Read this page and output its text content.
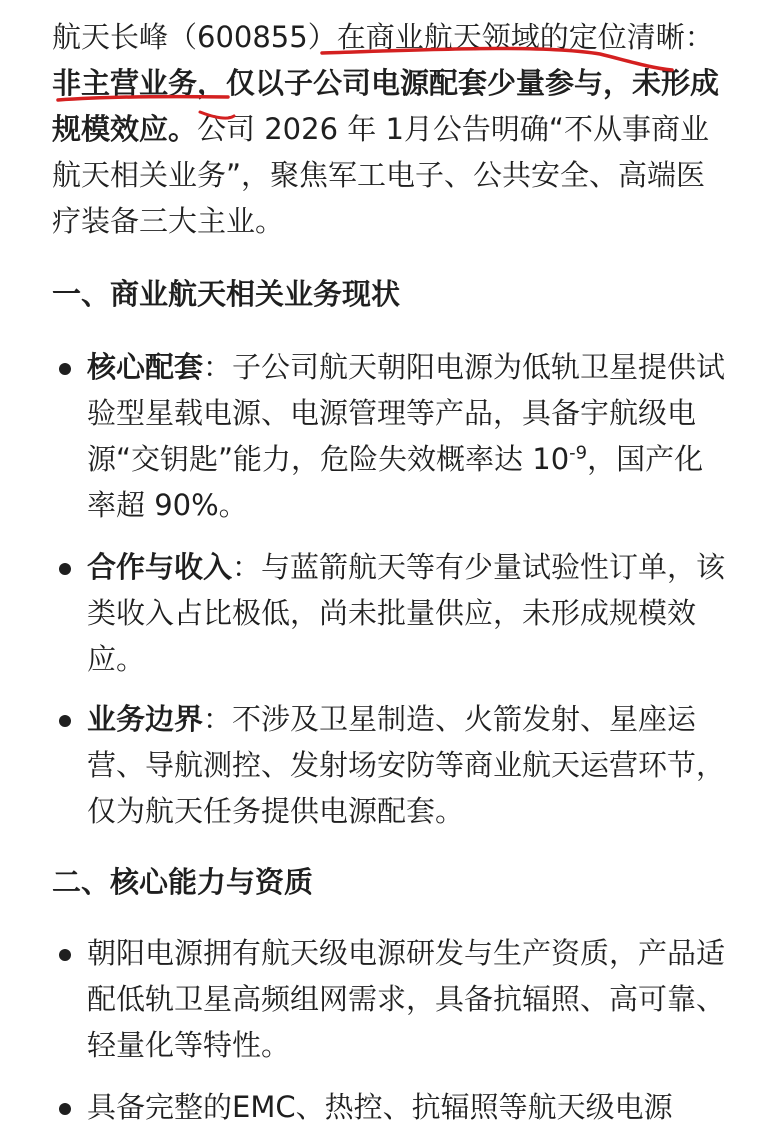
航天长峰（600855）在商业航天领域的定位清晰：非主营业务，仅以子公司电源配套少量参与，未形成规模效应。公司 2026 年 1月公告明确“不从事商业航天相关业务”，聚焦军工电子、公共安全、高端医疗装备三大主业。

一、商业航天相关业务现状

核心配套：子公司航天朝阳电源为低轨卫星提供试验型星载电源、电源管理等产品，具备宇航级电源“交钥匙”能力，危险失效概率达 $10^{-9}$，国产化率超 90%。

合作与收入：与蓝箭航天等有少量试验性订单，该类收入占比极低，尚未批量供应，未形成规模效应。

业务边界：不涉及卫星制造、火箭发射、星座运营、导航测控、发射场安防等商业航天运营环节，仅为航天任务提供电源配套。

二、核心能力与资质

朝阳电源拥有航天级电源研发与生产资质，产品适配低轨卫星高频组网需求，具备抗辐照、高可靠、轻量化等特性。

具备完整的EMC、热控、抗辐照等航天级电源
